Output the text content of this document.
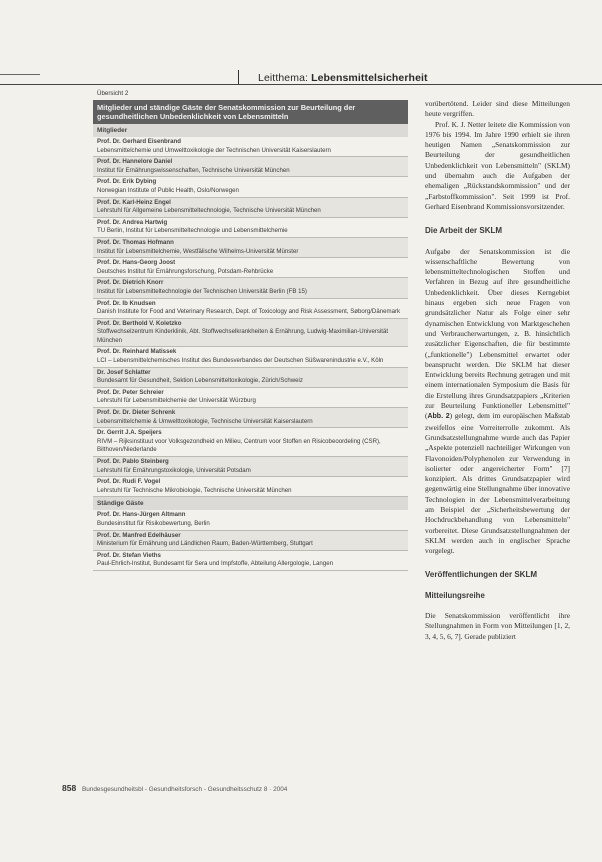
Leitthema: Lebensmittelsicherheit
Übersicht 2
Mitglieder und ständige Gäste der Senatskommission zur Beurteilung der gesundheitlichen Unbedenklichkeit von Lebensmitteln
Mitglieder
Prof. Dr. Gerhard Eisenbrand
Lebensmittelchemie und Umwelttoxikologie der Technischen Universität Kaiserslautern
Prof. Dr. Hannelore Daniel
Institut für Ernährungswissenschaften, Technische Universität München
Prof. Dr. Erik Dybing
Norwegian Institute of Public Health, Oslo/Norwegen
Prof. Dr. Karl-Heinz Engel
Lehrstuhl für Allgemeine Lebensmitteltechnologie, Technische Universität München
Prof. Dr. Andrea Hartwig
TU Berlin, Institut für Lebensmitteltechnologie und Lebensmittelchemie
Prof. Dr. Thomas Hofmann
Institut für Lebensmittelchemie, Westfälische Wilhelms-Universität Münster
Prof. Dr. Hans-Georg Joost
Deutsches Institut für Ernährungsforschung, Potsdam-Rehbrücke
Prof. Dr. Dietrich Knorr
Institut für Lebensmitteltechnologie der Technischen Universität Berlin (FB 15)
Prof. Dr. Ib Knudsen
Danish Institute for Food and Veterinary Research, Dept. of Toxicology and Risk Assessment, Søborg/Dänemark
Prof. Dr. Berthold V. Koletzko
Stoffwechselzentrum Kinderklinik, Abt. Stoffwechselkrankheiten & Ernährung, Ludwig-Maximilian-Universität München
Prof. Dr. Reinhard Matissek
LCI – Lebensmittelchemisches Institut des Bundesverbandes der Deutschen Süßwarenindustrie e.V., Köln
Dr. Josef Schlatter
Bundesamt für Gesundheit, Sektion Lebensmitteltoxikologie, Zürich/Schweiz
Prof. Dr. Peter Schreier
Lehrstuhl für Lebensmittelchemie der Universität Würzburg
Prof. Dr. Dr. Dieter Schrenk
Lebensmittelchemie & Umwelttoxikologie, Technische Universität Kaiserslautern
Dr. Gerrit J.A. Speijers
RIVM – Rijksinstituut voor Volksgezondheid en Milieu, Centrum voor Stoffen en Risicobeoordeling (CSR), Bilthoven/Niederlande
Prof. Dr. Pablo Steinberg
Lehrstuhl für Ernährungstoxikologie, Universität Potsdam
Prof. Dr. Rudi F. Vogel
Lehrstuhl für Technische Mikrobiologie, Technische Universität München
Ständige Gäste
Prof. Dr. Hans-Jürgen Altmann
Bundesinstitut für Risikobewertung, Berlin
Prof. Dr. Manfred Edelhäuser
Ministerium für Ernährung und Ländlichen Raum, Baden-Württemberg, Stuttgart
Prof. Dr. Stefan Vieths
Paul-Ehrlich-Institut, Bundesamt für Sera und Impfstoffe, Abteilung Allergologie, Langen

vorübertötend. Leider sind diese Mitteilungen heute vergriffen.

Prof. K. J. Netter leitete die Kommission von 1976 bis 1994. Im Jahre 1990 erhielt sie ihren heutigen Namen „Senatskommission zur Beurteilung der gesundheitlichen Unbedenklichkeit von Lebensmitteln" (SKLM) und übernahm auch die Aufgaben der ehemaligen „Rückstandskommission" und der „Farbstoffkommission". Seit 1999 ist Prof. Gerhard Eisenbrand Kommissionsvorsitzender.

Die Arbeit der SKLM

Aufgabe der Senatskommission ist die wissenschaftliche Bewertung von lebensmitteltechnologischen Stoffen und Verfahren in Bezug auf ihre gesundheitliche Unbedenklichkeit. Über dieses Kerngebiet hinaus ergeben sich neue Fragen von grundsätzlicher Natur als Folge einer sehr dynamischen Entwicklung von Marktgeschehen und Verbraucherwartungen, z. B. hinsichtlich zusätzlicher Eigenschaften, die für bestimmte („funktionelle") Lebensmittel erwartet oder beansprucht werden. Die SKLM hat dieser Entwicklung bereits Rechnung getragen und mit einem internationalen Symposium die Basis für die Erstellung ihres Grundsatzpapiers „Kriterien zur Beurteilung Funktioneller Lebensmittel" (Abb. 2) gelegt, dem im europäischen Maßstab zweifellos eine Vorreiterrolle zukommt. Als Grundsatzstellungnahme wurde auch das Papier „Aspekte potenziell nachteiliger Wirkungen von Flavonoiden/Polyphenolen zur Verwendung in isolierter oder angereicherter Form" [7] konzipiert. Als drittes Grundsatzpapier wird gegenwärtig eine Stellungnahme über innovative Technologien in der Lebensmittelverarbeitung am Beispiel der „Sicherheitsbewertung der Hochdruckbehandlung von Lebensmitteln" vorbereitet. Diese Grundsatzstellungnahmen der SKLM werden auch in englischer Sprache vorgelegt.

Veröffentlichungen der SKLM
Mitteilungsreihe

Die Senatskommission veröffentlicht ihre Stellungnahmen in Form von Mitteilungen [1, 2, 3, 4, 5, 6, 7]. Gerade publiziert

858 Bundesgesundheitsbl - Gesundheitsforsch - Gesundheitsschutz 8 · 2004
